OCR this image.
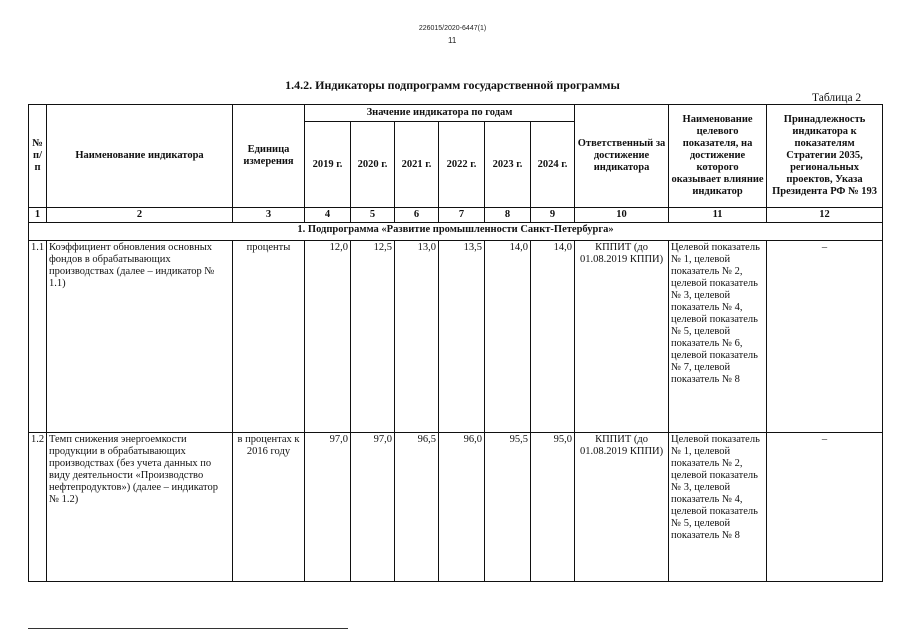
226015/2020-6447(1)
11
1.4.2. Индикаторы подпрограмм государственной программы
Таблица 2
№ п/п	Наименование индикатора	Единица измерения	Значение индикатора по годам						Ответственный за достижение индикатора	Наименование целевого показателя, на достижение которого оказывает влияние индикатор	Принадлежность индикатора к показателям Стратегии 2035, региональных проектов, Указа Президента РФ № 193
			2019 г.	2020 г.	2021 г.	2022 г.	2023 г.	2024 г.			
1	2	3	4	5	6	7	8	9	10	11	12
1. Подпрограмма «Развитие промышленности Санкт-Петербурга»											
1.1	Коэффициент обновления основных фондов в обрабатывающих производствах (далее – индикатор № 1.1)	проценты	12,0	12,5	13,0	13,5	14,0	14,0	КППИТ (до 01.08.2019 КППИ)	Целевой показатель № 1, целевой показатель № 2, целевой показатель № 3, целевой показатель № 4, целевой показатель № 5, целевой показатель № 6, целевой показатель № 7, целевой показатель № 8	–
1.2	Темп снижения энергоемкости продукции в обрабатывающих производствах (без учета данных по виду деятельности «Производство нефтепродуктов») (далее – индикатор № 1.2)	в процентах к 2016 году	97,0	97,0	96,5	96,0	95,5	95,0	КППИТ (до 01.08.2019 КППИ)	Целевой показатель № 1, целевой показатель № 2, целевой показатель № 3, целевой показатель № 4, целевой показатель № 5, целевой показатель № 8	–
